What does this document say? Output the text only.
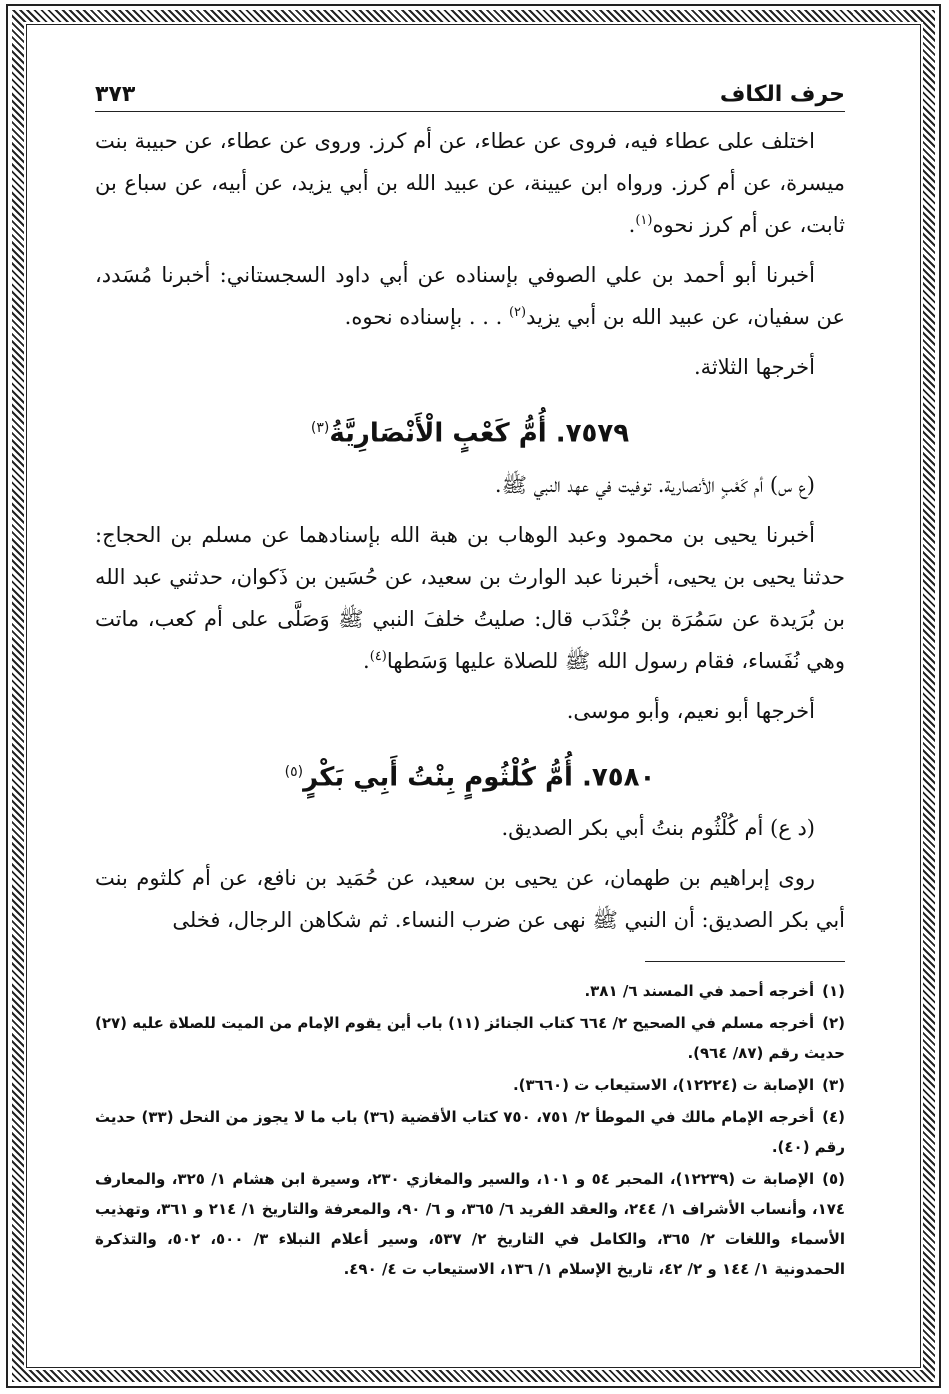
حرف الكاف
٣٧٣

اختلف على عطاء فيه، فروى عن عطاء، عن أم كرز. وروى عن عطاء، عن حبيبة بنت ميسرة، عن أم كرز. ورواه ابن عيينة، عن عبيد الله بن أبي يزيد، عن أبيه، عن سباع بن ثابت، عن أم كرز نحوه$^{(١)}$.

أخبرنا أبو أحمد بن علي الصوفي بإسناده عن أبي داود السجستاني: أخبرنا مُسَدد، عن سفيان، عن عبيد الله بن أبي يزيد$^{(٢)}$ . . . بإسناده نحوه.

أخرجها الثلاثة.

٧٥٧٩. أُمُّ كَعْبٍ الْأَنْصَارِيَّةُ$^{(٣)}$

(ع س) أم كَعْبٍ الأنصارية. توفيت في عهد النبي ﷺ.

أخبرنا يحيى بن محمود وعبد الوهاب بن هبة الله بإسنادهما عن مسلم بن الحجاج: حدثنا يحيى بن يحيى، أخبرنا عبد الوارث بن سعيد، عن حُسَين بن ذَكوان، حدثني عبد الله بن بُرَيدة عن سَمُرَة بن جُنْدَب قال: صليتُ خلفَ النبي ﷺ وَصَلَّى على أم كعب، ماتت وهي نُفَساء، فقام رسول الله ﷺ للصلاة عليها وَسَطها$^{(٤)}$.

أخرجها أبو نعيم، وأبو موسى.

٧٥٨٠. أُمُّ كُلْثُومٍ بِنْتُ أَبِي بَكْرٍ$^{(٥)}$

(د ع) أم كُلْثُوم بنتُ أبي بكر الصديق.

روى إبراهيم بن طهمان، عن يحيى بن سعيد، عن حُمَيد بن نافع، عن أم كلثوم بنت أبي بكر الصديق: أن النبي ﷺ نهى عن ضرب النساء. ثم شكاهن الرجال، فخلى

(١)أخرجه أحمد في المسند ٦/ ٣٨١.

(٢)أخرجه مسلم في الصحيح ٢/ ٦٦٤ كتاب الجنائز (١١) باب أين يقوم الإمام من الميت للصلاة عليه (٢٧) حديث رقم (٨٧/ ٩٦٤).

(٣)الإصابة ت (١٢٢٢٤)، الاستيعاب ت (٣٦٦٠).

(٤)أخرجه الإمام مالك في الموطأ ٢/ ٧٥١، ٧٥٠ كتاب الأقضية (٣٦) باب ما لا يجوز من النحل (٣٣) حديث رقم (٤٠).

(٥)الإصابة ت (١٢٢٣٩)، المحبر ٥٤ و ١٠١، والسير والمغازي ٢٣٠، وسيرة ابن هشام ١/ ٣٢٥، والمعارف ١٧٤، وأنساب الأشراف ١/ ٢٤٤، والعقد الفريد ٦/ ٣٦٥، و ٦/ ٩٠، والمعرفة والتاريخ ١/ ٢١٤ و ٣٦١، وتهذيب الأسماء واللغات ٢/ ٣٦٥، والكامل في التاريخ ٢/ ٥٣٧، وسير أعلام النبلاء ٣/ ٥٠٠، ٥٠٢، والتذكرة الحمدونية ١/ ١٤٤ و ٢/ ٤٢، تاريخ الإسلام ١/ ١٣٦، الاستيعاب ت ٤/ ٤٩٠.
